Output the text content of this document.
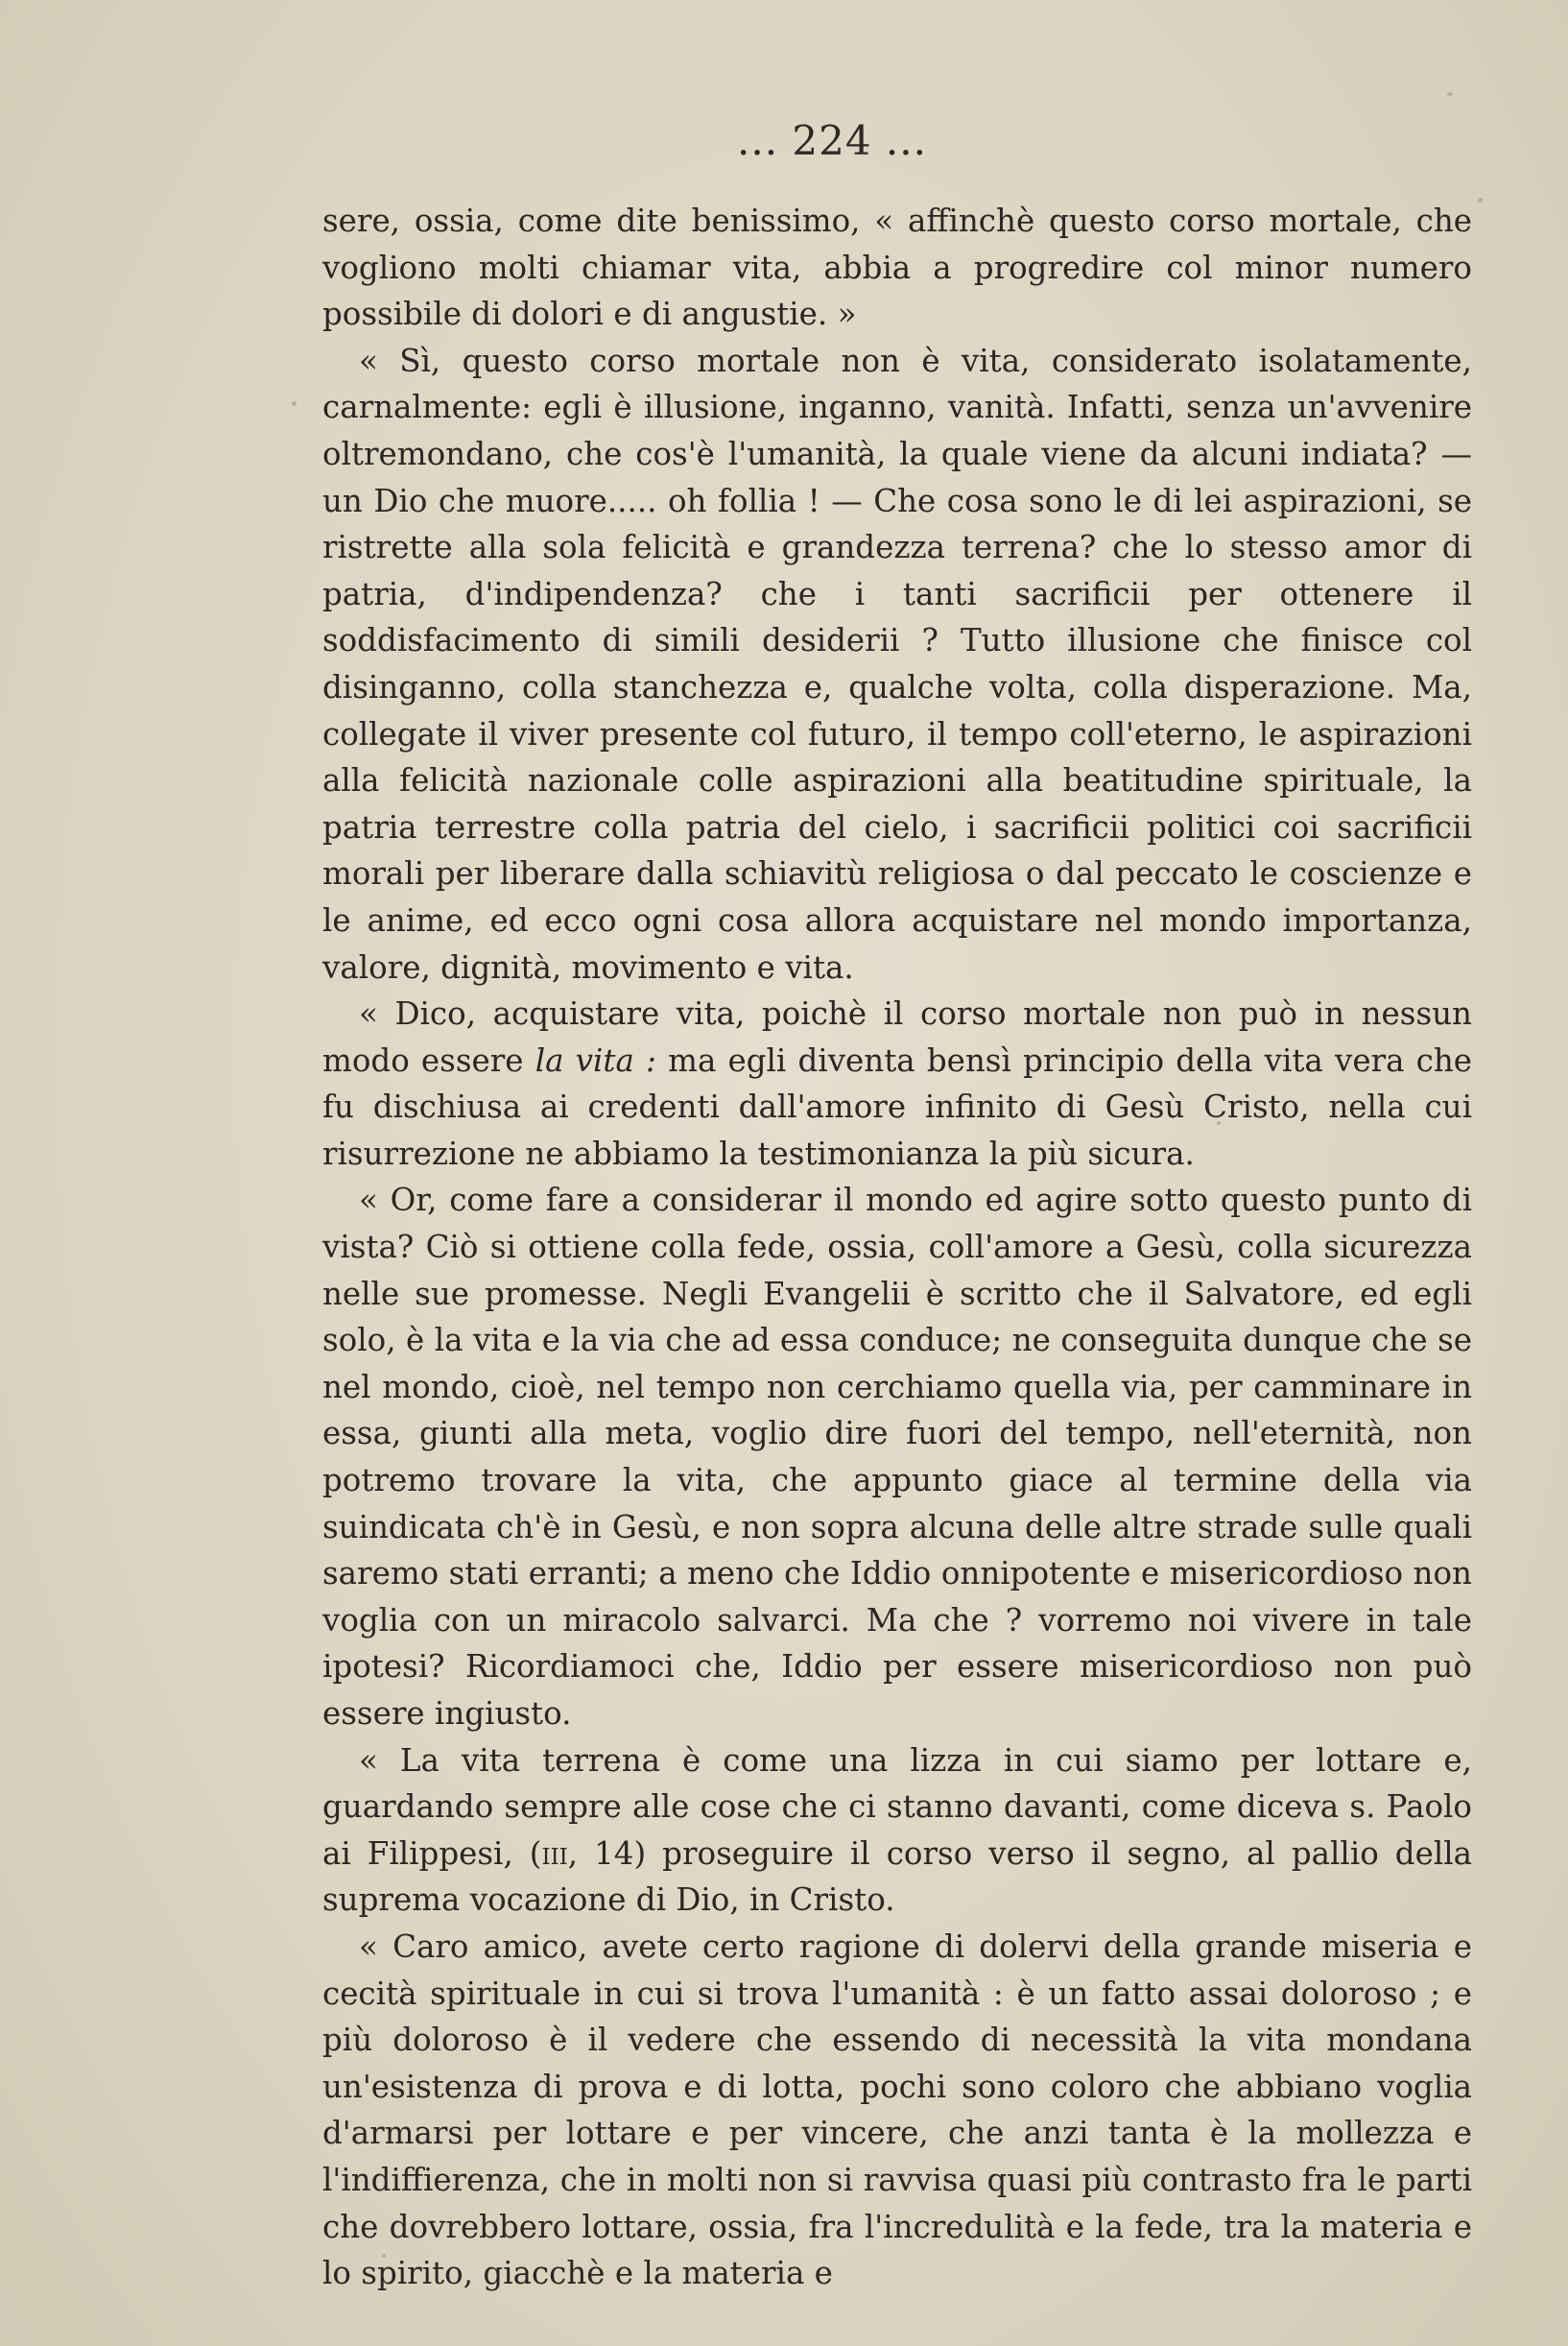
... 224 ...

sere, ossia, come dite benissimo, « affinchè questo corso mortale, che vogliono molti chiamar vita, abbia a progredire col minor numero possibile di dolori e di angustie. »

« Sì, questo corso mortale non è vita, considerato isolatamente, carnalmente: egli è illusione, inganno, vanità. Infatti, senza un'avvenire oltremondano, che cos'è l'umanità, la quale viene da alcuni indiata? — un Dio che muore..... oh follia ! — Che cosa sono le di lei aspirazioni, se ristrette alla sola felicità e grandezza terrena? che lo stesso amor di patria, d'indipendenza? che i tanti sacrificii per ottenere il soddisfacimento di simili desiderii ? Tutto illusione che finisce col disinganno, colla stanchezza e, qualche volta, colla disperazione. Ma, collegate il viver presente col futuro, il tempo coll'eterno, le aspirazioni alla felicità nazionale colle aspirazioni alla beatitudine spirituale, la patria terrestre colla patria del cielo, i sacrificii politici coi sacrificii morali per liberare dalla schiavitù religiosa o dal peccato le coscienze e le anime, ed ecco ogni cosa allora acquistare nel mondo importanza, valore, dignità, movimento e vita.

« Dico, acquistare vita, poichè il corso mortale non può in nessun modo essere la vita : ma egli diventa bensì principio della vita vera che fu dischiusa ai credenti dall'amore infinito di Gesù Cristo, nella cui risurrezione ne abbiamo la testimonianza la più sicura.

« Or, come fare a considerar il mondo ed agire sotto questo punto di vista? Ciò si ottiene colla fede, ossia, coll'amore a Gesù, colla sicurezza nelle sue promesse. Negli Evangelii è scritto che il Salvatore, ed egli solo, è la vita e la via che ad essa conduce; ne conseguita dunque che se nel mondo, cioè, nel tempo non cerchiamo quella via, per camminare in essa, giunti alla meta, voglio dire fuori del tempo, nell'eternità, non potremo trovare la vita, che appunto giace al termine della via suindicata ch'è in Gesù, e non sopra alcuna delle altre strade sulle quali saremo stati erranti; a meno che Iddio onnipotente e misericordioso non voglia con un miracolo salvarci. Ma che ? vorremo noi vivere in tale ipotesi? Ricordiamoci che, Iddio per essere misericordioso non può essere ingiusto.

« La vita terrena è come una lizza in cui siamo per lottare e, guardando sempre alle cose che ci stanno davanti, come diceva s. Paolo ai Filippesi, (iii, 14) proseguire il corso verso il segno, al pallio della suprema vocazione di Dio, in Cristo.

« Caro amico, avete certo ragione di dolervi della grande miseria e cecità spirituale in cui si trova l'umanità : è un fatto assai doloroso ; e più doloroso è il vedere che essendo di necessità la vita mondana un'esistenza di prova e di lotta, pochi sono coloro che abbiano voglia d'armarsi per lottare e per vincere, che anzi tanta è la mollezza e l'indiffierenza, che in molti non si ravvisa quasi più contrasto fra le parti che dovrebbero lottare, ossia, fra l'incredulità e la fede, tra la materia e lo spirito, giacchè e la materia e
